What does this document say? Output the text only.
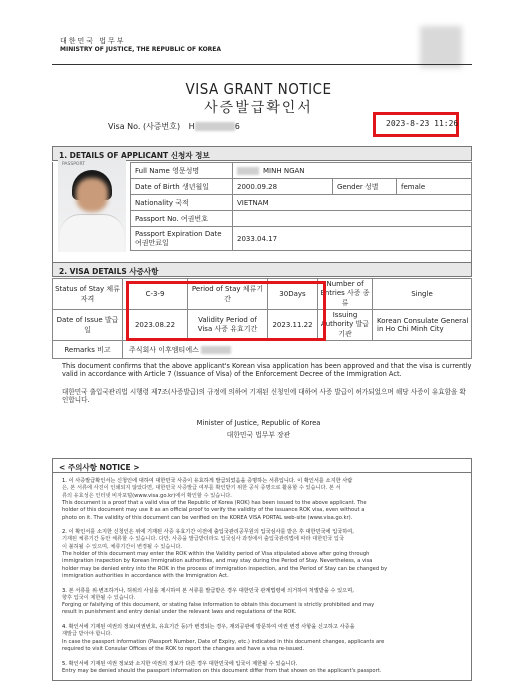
대한민국 법무부
MINISTRY OF JUSTICE, THE REPUBLIC OF KOREA
VISA GRANT NOTICE
사증발급확인서
Visa No. (사증번호) H	6	2023-8-23 11:26
1. DETAILS OF APPLICANT 신청자 정보
PASSPORT
Full Name 영문성명	MINH NGAN		
Date of Birth 생년월일	2000.09.28	Gender 성별	female
Nationality 국적	VIETNAM		
Passport No. 여권번호			
Passport Expiration Date 여권만료일	2033.04.17		
2. VISA DETAILS 사증사항
Status of Stay 체류자격	C-3-9	Period of Stay 체류기간	30Days	Number of Entries 사증 종류	Single
Date of Issue 발급일	2023.08.22	Validity Period of Visa 사증 유효기간	2023.11.22	Issuing Authority 발급 기관	Korean Consulate General in Ho Chi Minh City
Remarks 비고	주식회사 이후엠티에스				
This document confirms that the above applicant's Korean visa application has been approved and that the visa is currently valid in accordance with Article 7 (Issuance of Visa) of the Enforcement Decree of the Immigration Act.
대한민국 출입국관리법 시행령 제7조(사증발급)의 규정에 의하여 기재된 신청인에 대하여 사증 발급이 허가되었으며 해당 사증이 유효함을 확인합니다.
Minister of Justice, Republic of Korea
대한민국 법무부 장관
< 주의사항 NOTICE >
1. 이 사증발급확인서는 신청인에 대하여 대한민국 사증이 유효하게 발급되었음을 증명하는 서류입니다. 이 확인서를 소지한 사람
은, 본 서류에 사진이 인쇄되지 않았다면, 대한민국 사증발급 여부를 확인받기 위한 공식 증명으로 활용할 수 있습니다. 본 서
류의 유효성은 인터넷 비자포털(www.visa.go.kr)에서 확인할 수 있습니다.
This document is a proof that a valid visa of the Republic of Korea (ROK) has been issued to the above applicant. The
holder of this document may use it as an official proof to verify the validity of the issuance ROK visa, even without a
photo on it. The validity of this document can be verified on the KOREA VISA PORTAL web-site (www.visa.go.kr).
2. 이 확인서를 소지한 신청인은 위에 기재된 사증 유효기간 이전에 출입국관리공무원의 입국심사를 받은 후 대한민국에 입국하여,
기재된 체류기간 동안 체류할 수 있습니다. 다만, 사증을 발급받더라도 입국심사 과정에서 출입국관리법에 따라 대한민국 입국
이 불허될 수 있으며, 체류기간이 변경될 수 있습니다.
The holder of this document may enter the ROK within the Validity period of Visa stipulated above after going through
immigration inspection by Korean Immigration authorities, and may stay during the Period of Stay. Nevertheless, a visa
holder may be denied entry into the ROK in the process of immigration inspection, and the Period of Stay can be changed by
immigration authorities in accordance with the Immigration Act.
3. 본 서류를 위·변조하거나, 허위의 사실을 제시하여 본 서류를 발급받은 경우 대한민국 관계법령에 의거하여 처벌받을 수 있으며,
향후 입국이 제한될 수 있습니다.
Forging or falsifying of this document, or stating false information to obtain this document is strictly prohibited and may
result in punishment and entry denial under the relevant laws and regulations of the ROK.
4. 확인서에 기재된 여권의 정보(여권번호, 유효기간 등)가 변경되는 경우, 재외공관에 방문하여 여권 변경 사항을 신고하고 사증을
재발급 받아야 합니다.
In case the passport information (Passport Number, Date of Expiry, etc.) indicated in this document changes, applicants are
required to visit Consular Offices of the ROK to report the changes and have a visa re-issued.
5. 확인서에 기재된 여권 정보와 소지한 여권의 정보가 다른 경우 대한민국에 입국이 제한될 수 있습니다.
Entry may be denied should the passport information on this document differ from that shown on the applicant's passport.
